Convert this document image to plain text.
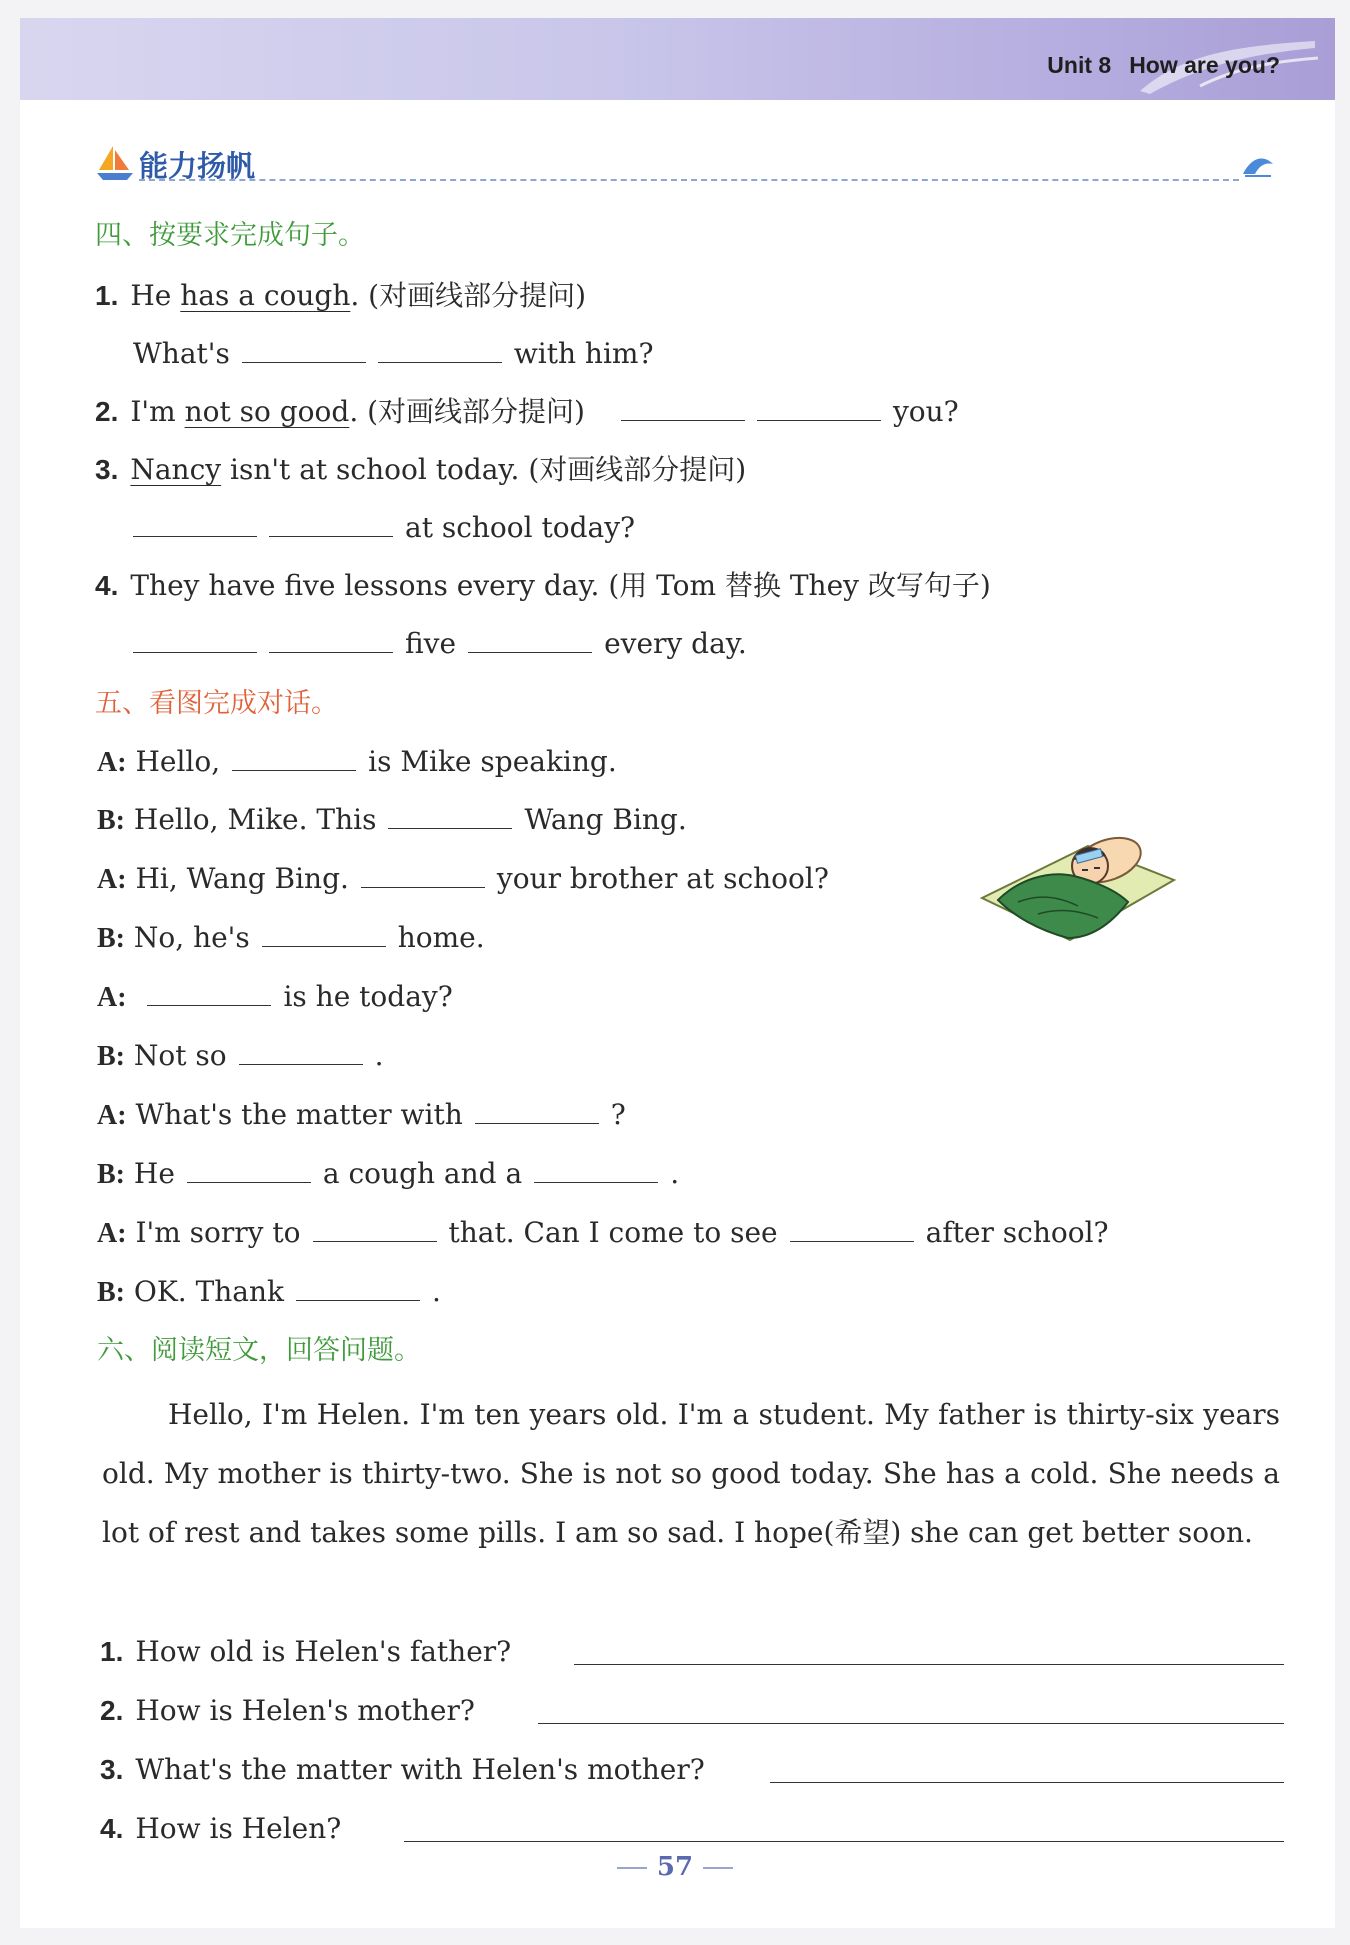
Unit 8 How are you?
能力扬帆
四、按要求完成句子。
1. He has a cough. (对画线部分提问)
What's	with him?
2. I'm not so good. (对画线部分提问)	you?
3. Nancy isn't at school today. (对画线部分提问)
at school today?
4. They have five lessons every day. (用 Tom 替换 They 改写句子)
five	every day.
五、看图完成对话。
A: Hello,	is Mike speaking.
B: Hello, Mike. This	Wang Bing.
A: Hi, Wang Bing.	your brother at school?
B: No, he's	home.
A:	is he today?
B: Not so	.
A: What's the matter with	?
B: He	a cough and a	.
A: I'm sorry to	that. Can I come to see	after school?
B: OK. Thank	.
六、阅读短文，回答问题。
Hello, I'm Helen. I'm ten years old. I'm a student. My father is thirty-six years old. My mother is thirty-two. She is not so good today. She has a cold. She needs a lot of rest and takes some pills. I am so sad. I hope(希望) she can get better soon.
1. How old is Helen's father?
2. How is Helen's mother?
3. What's the matter with Helen's mother?
4. How is Helen?
57
